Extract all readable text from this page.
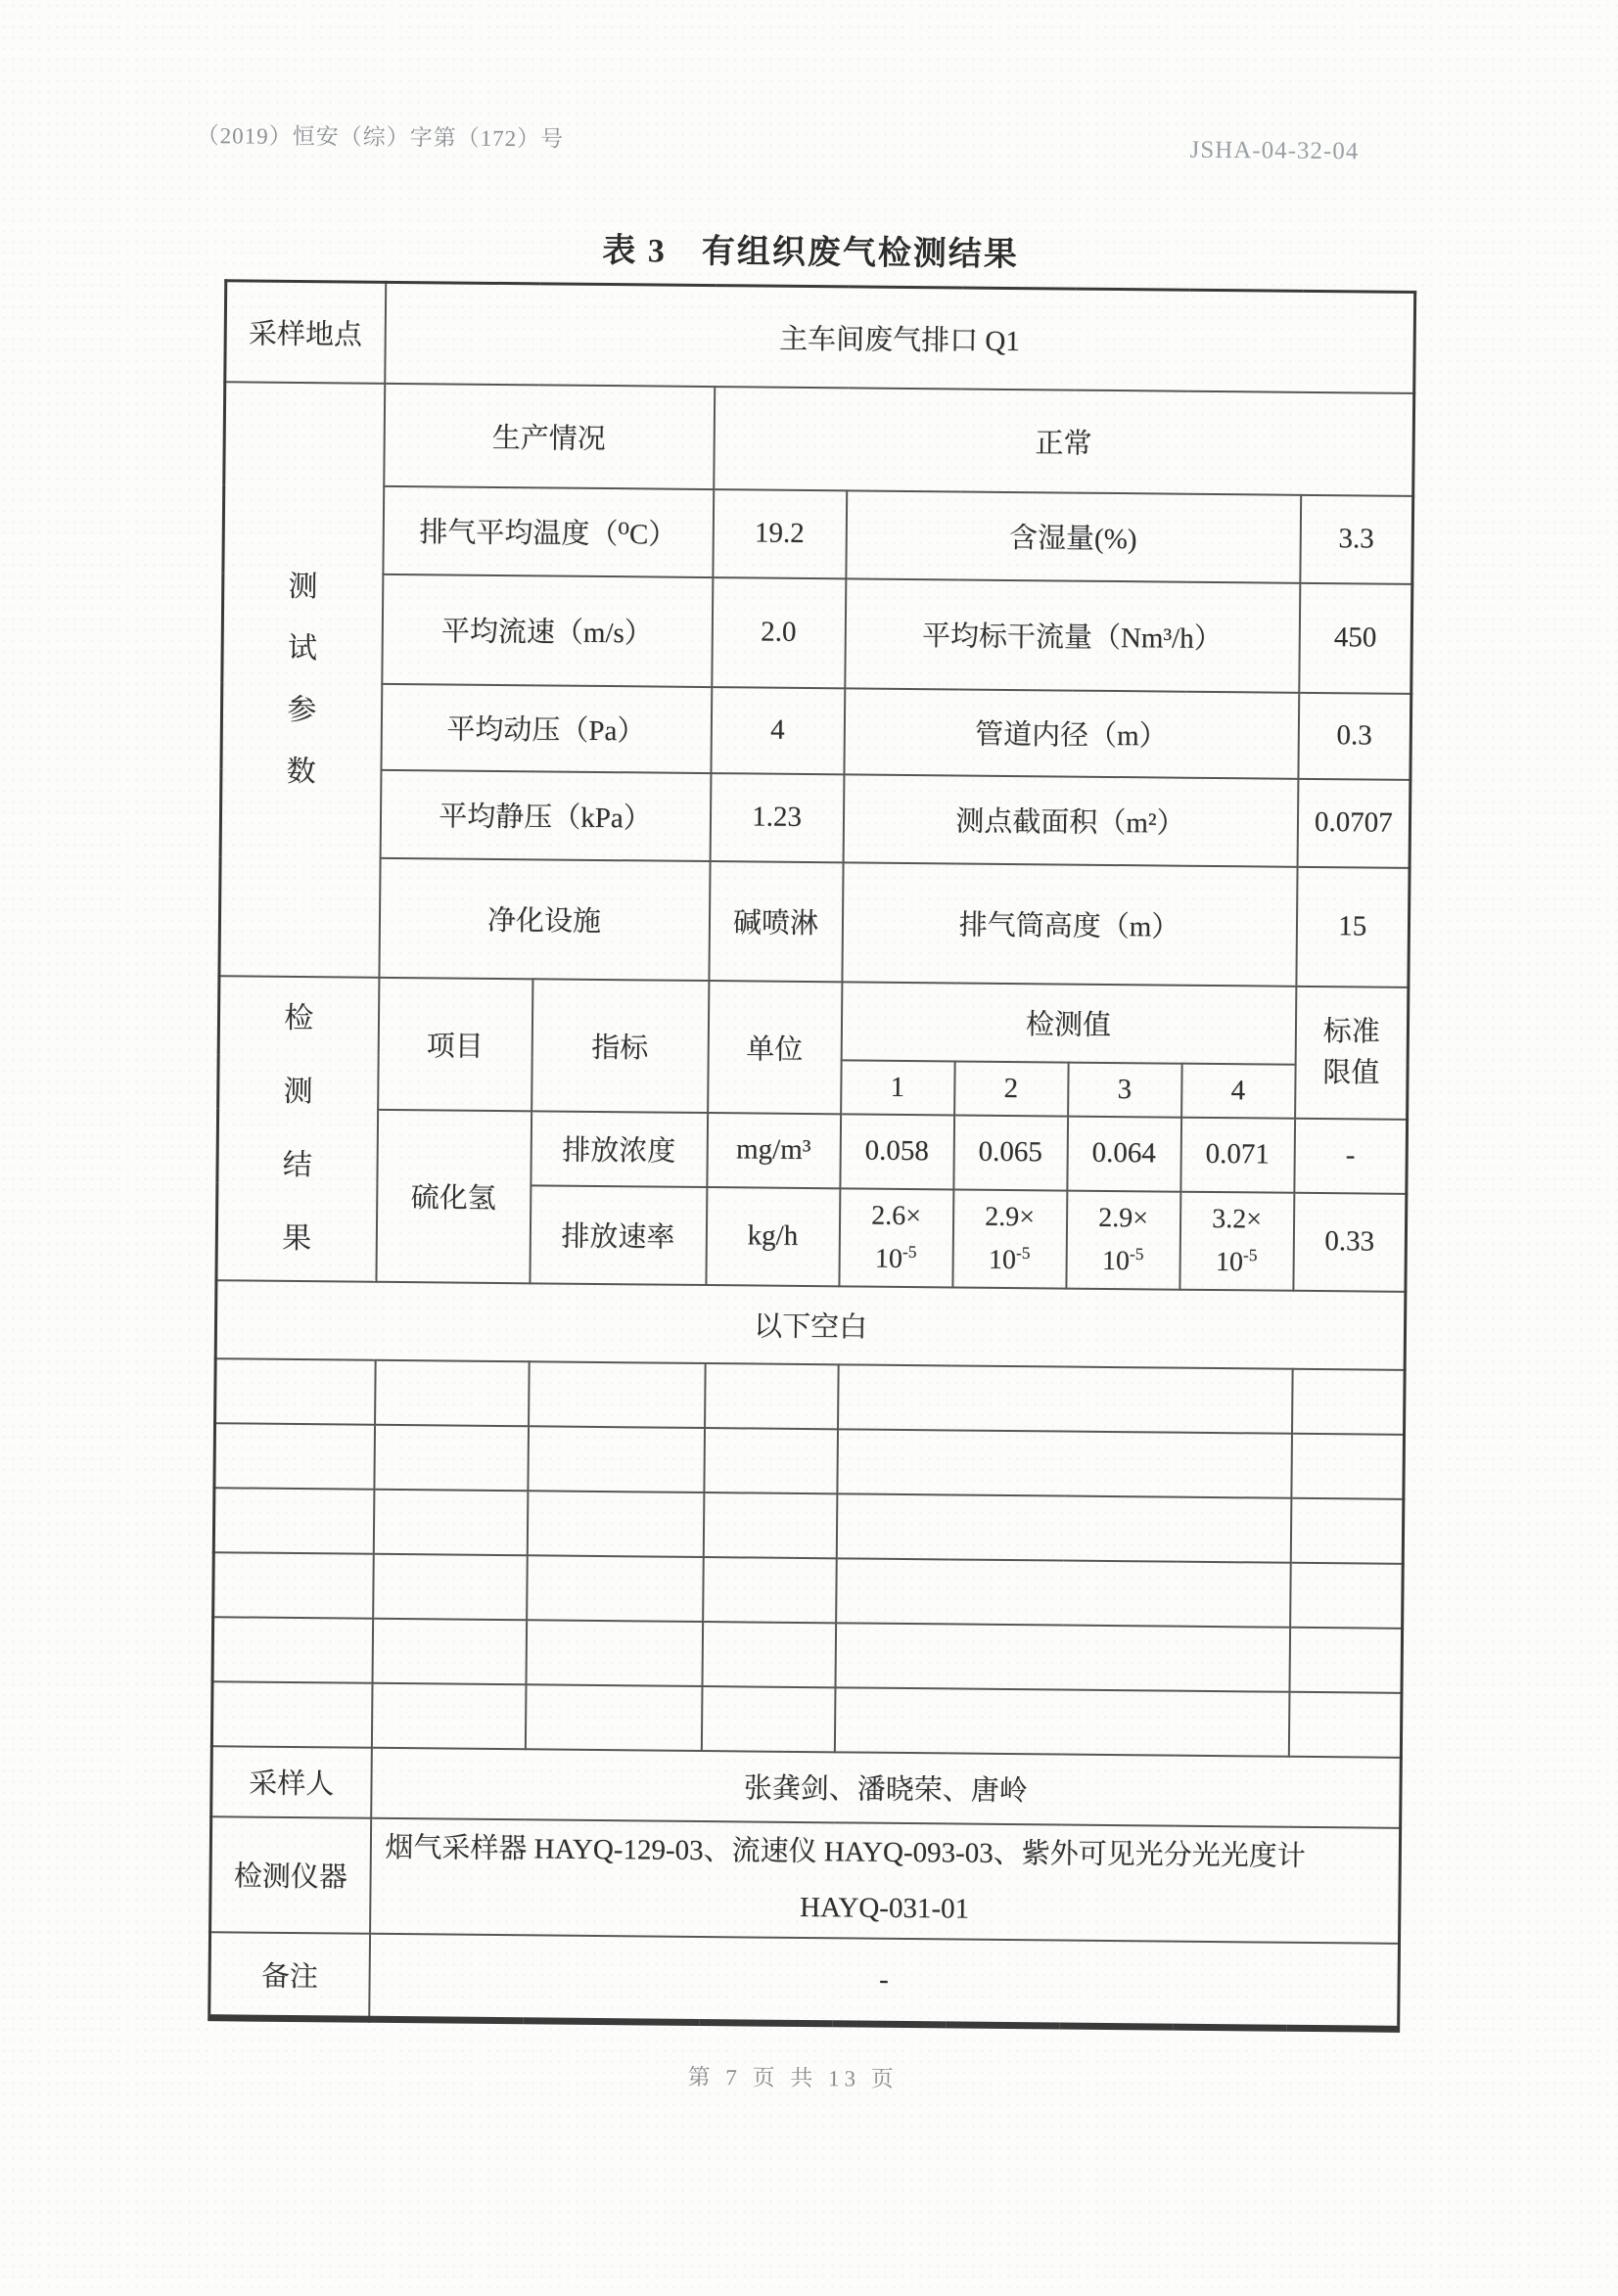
（2019）恒安（综）字第（172）号	JSHA-04-32-04
表 3　有组织废气检测结果
采样地点	主车间废气排口 Q1							

测试参数	生产情况		正常					
	排气平均温度（⁰C）		19.2	含湿量(%)				3.3
	平均流速（m/s）		2.0	平均标干流量（Nm³/h）				450
	平均动压（Pa）		4	管道内径（m）				0.3
	平均静压（kPa）		1.23	测点截面积（m²）				0.0707
	净化设施		碱喷淋	排气筒高度（m）				15

检测结果	项目	指标	单位	检测值				标准
限值

				1	2	3	4	
	硫化氢	排放浓度	mg/m³	0.058	0.065	0.064	0.071	-
		排放速率	kg/h	2.6×
$10^{-5}$	2.9×
$10^{-5}$	2.9×
$10^{-5}$	3.2×
$10^{-5}$	0.33
以下空白								

采样人	张龚剑、潘晓荣、唐岭							
检测仪器	烟气采样器 HAYQ-129-03、流速仪 HAYQ-093-03、紫外可见光分光光度计
HAYQ-031-01							

备注	-							
第 7 页 共 13 页
